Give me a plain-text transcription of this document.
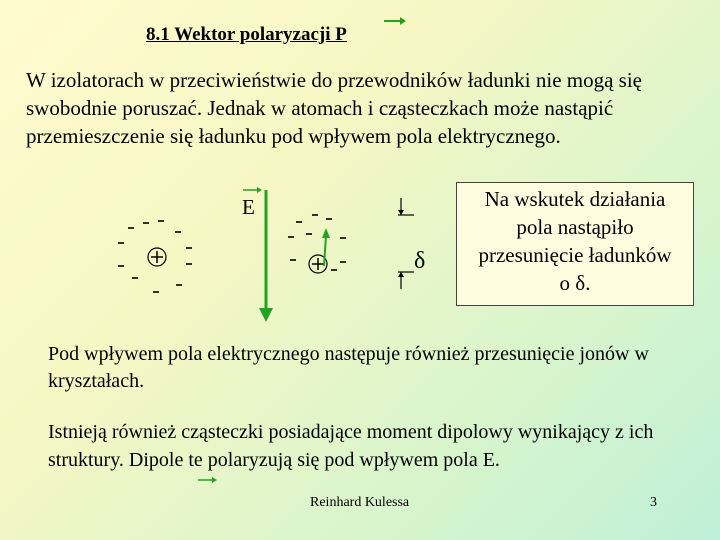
8.1 Wektor polaryzacji P

W izolatorach w przeciwieństwie do przewodników ładunki nie mogą się swobodnie poruszać. Jednak w atomach i cząsteczkach może nastąpić przemieszczenie się ładunku pod wpływem pola elektrycznego.

E
δ
Na wskutek działania
pola nastąpiło
przesunięcie ładunków
o δ.

Pod wpływem pola elektrycznego następuje również przesunięcie jonów w kryształach.

Istnieją również cząsteczki posiadające moment dipolowy wynikający z ich struktury. Dipole te polaryzują się pod wpływem pola E.

Reinhard Kulessa	3
